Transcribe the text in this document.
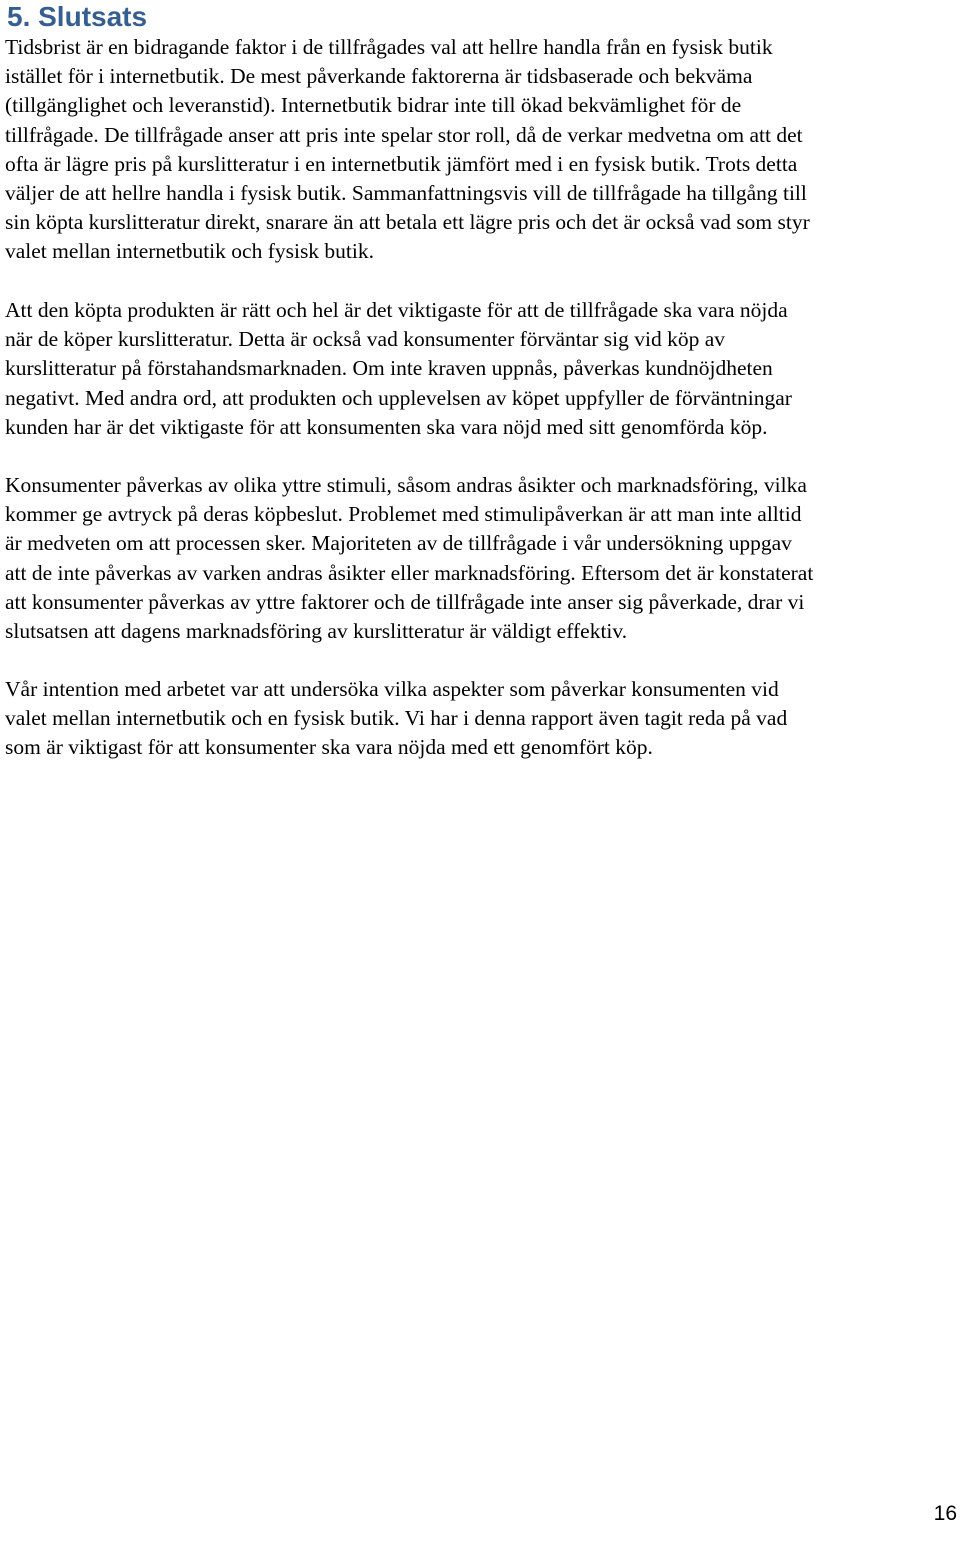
5. Slutsats

Tidsbrist är en bidragande faktor i de tillfrågades val att hellre handla från en fysisk butik
istället för i internetbutik. De mest påverkande faktorerna är tidsbaserade och bekväma
(tillgänglighet och leveranstid). Internetbutik bidrar inte till ökad bekvämlighet för de
tillfrågade. De tillfrågade anser att pris inte spelar stor roll, då de verkar medvetna om att det
ofta är lägre pris på kurslitteratur i en internetbutik jämfört med i en fysisk butik. Trots detta
väljer de att hellre handla i fysisk butik. Sammanfattningsvis vill de tillfrågade ha tillgång till
sin köpta kurslitteratur direkt, snarare än att betala ett lägre pris och det är också vad som styr
valet mellan internetbutik och fysisk butik.

Att den köpta produkten är rätt och hel är det viktigaste för att de tillfrågade ska vara nöjda
när de köper kurslitteratur. Detta är också vad konsumenter förväntar sig vid köp av
kurslitteratur på förstahandsmarknaden. Om inte kraven uppnås, påverkas kundnöjdheten
negativt. Med andra ord, att produkten och upplevelsen av köpet uppfyller de förväntningar
kunden har är det viktigaste för att konsumenten ska vara nöjd med sitt genomförda köp.

Konsumenter påverkas av olika yttre stimuli, såsom andras åsikter och marknadsföring, vilka
kommer ge avtryck på deras köpbeslut. Problemet med stimulipåverkan är att man inte alltid
är medveten om att processen sker. Majoriteten av de tillfrågade i vår undersökning uppgav
att de inte påverkas av varken andras åsikter eller marknadsföring. Eftersom det är konstaterat
att konsumenter påverkas av yttre faktorer och de tillfrågade inte anser sig påverkade, drar vi
slutsatsen att dagens marknadsföring av kurslitteratur är väldigt effektiv.

Vår intention med arbetet var att undersöka vilka aspekter som påverkar konsumenten vid
valet mellan internetbutik och en fysisk butik. Vi har i denna rapport även tagit reda på vad
som är viktigast för att konsumenter ska vara nöjda med ett genomfört köp.

16
